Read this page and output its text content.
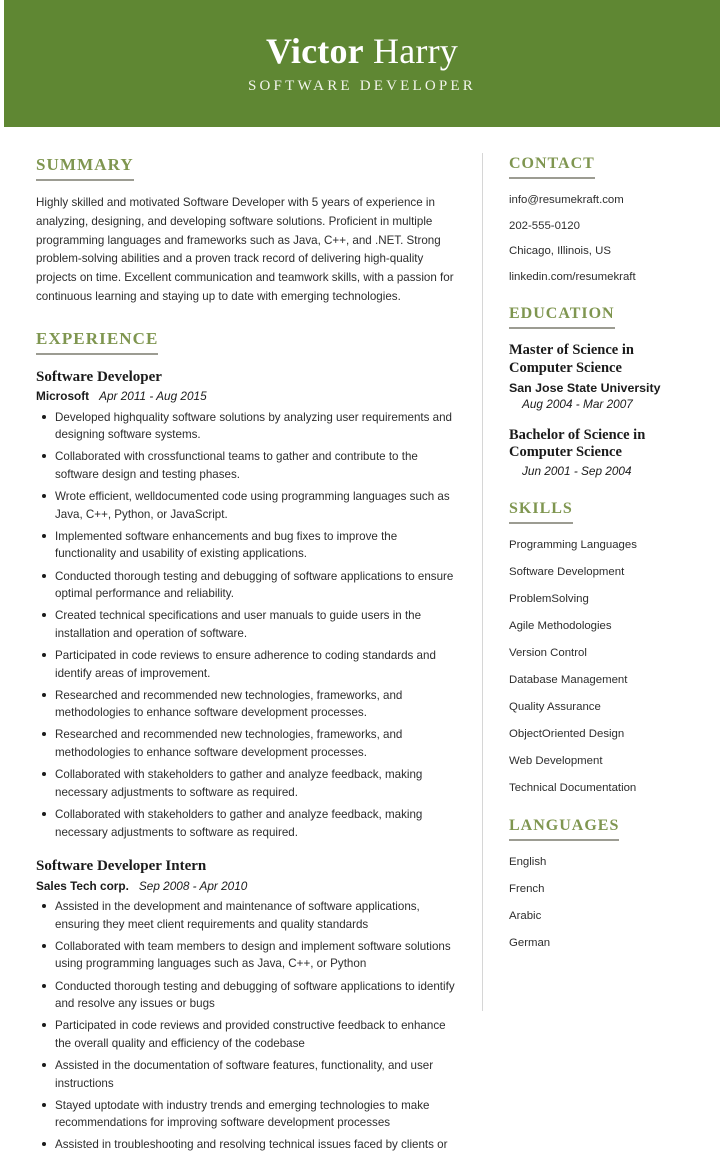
Victor Harry
SOFTWARE DEVELOPER
SUMMARY

Highly skilled and motivated Software Developer with 5 years of experience in analyzing, designing, and developing software solutions. Proficient in multiple programming languages and frameworks such as Java, C++, and .NET. Strong problem-solving abilities and a proven track record of delivering high-quality projects on time. Excellent communication and teamwork skills, with a passion for continuous learning and staying up to date with emerging technologies.

EXPERIENCE
Software Developer
Microsoft Apr 2011 - Aug 2015
Developed highquality software solutions by analyzing user requirements and designing software systems.
Collaborated with crossfunctional teams to gather and contribute to the software design and testing phases.
Wrote efficient, welldocumented code using programming languages such as Java, C++, Python, or JavaScript.
Implemented software enhancements and bug fixes to improve the functionality and usability of existing applications.
Conducted thorough testing and debugging of software applications to ensure optimal performance and reliability.
Created technical specifications and user manuals to guide users in the installation and operation of software.
Participated in code reviews to ensure adherence to coding standards and identify areas of improvement.
Researched and recommended new technologies, frameworks, and methodologies to enhance software development processes.
Researched and recommended new technologies, frameworks, and methodologies to enhance software development processes.
Collaborated with stakeholders to gather and analyze feedback, making necessary adjustments to software as required.
Collaborated with stakeholders to gather and analyze feedback, making necessary adjustments to software as required.
Software Developer Intern
Sales Tech corp. Sep 2008 - Apr 2010
Assisted in the development and maintenance of software applications, ensuring they meet client requirements and quality standards
Collaborated with team members to design and implement software solutions using programming languages such as Java, C++, or Python
Conducted thorough testing and debugging of software applications to identify and resolve any issues or bugs
Participated in code reviews and provided constructive feedback to enhance the overall quality and efficiency of the codebase
Assisted in the documentation of software features, functionality, and user instructions
Stayed uptodate with industry trends and emerging technologies to make recommendations for improving software development processes
Assisted in troubleshooting and resolving technical issues faced by clients or
CONTACT
info@resumekraft.com
202-555-0120
Chicago, Illinois, US
linkedin.com/resumekraft
EDUCATION
Master of Science in Computer Science
San Jose State University
Aug 2004 - Mar 2007
Bachelor of Science in Computer Science
Jun 2001 - Sep 2004
SKILLS
Programming Languages
Software Development
ProblemSolving
Agile Methodologies
Version Control
Database Management
Quality Assurance
ObjectOriented Design
Web Development
Technical Documentation
LANGUAGES
English
French
Arabic
German
